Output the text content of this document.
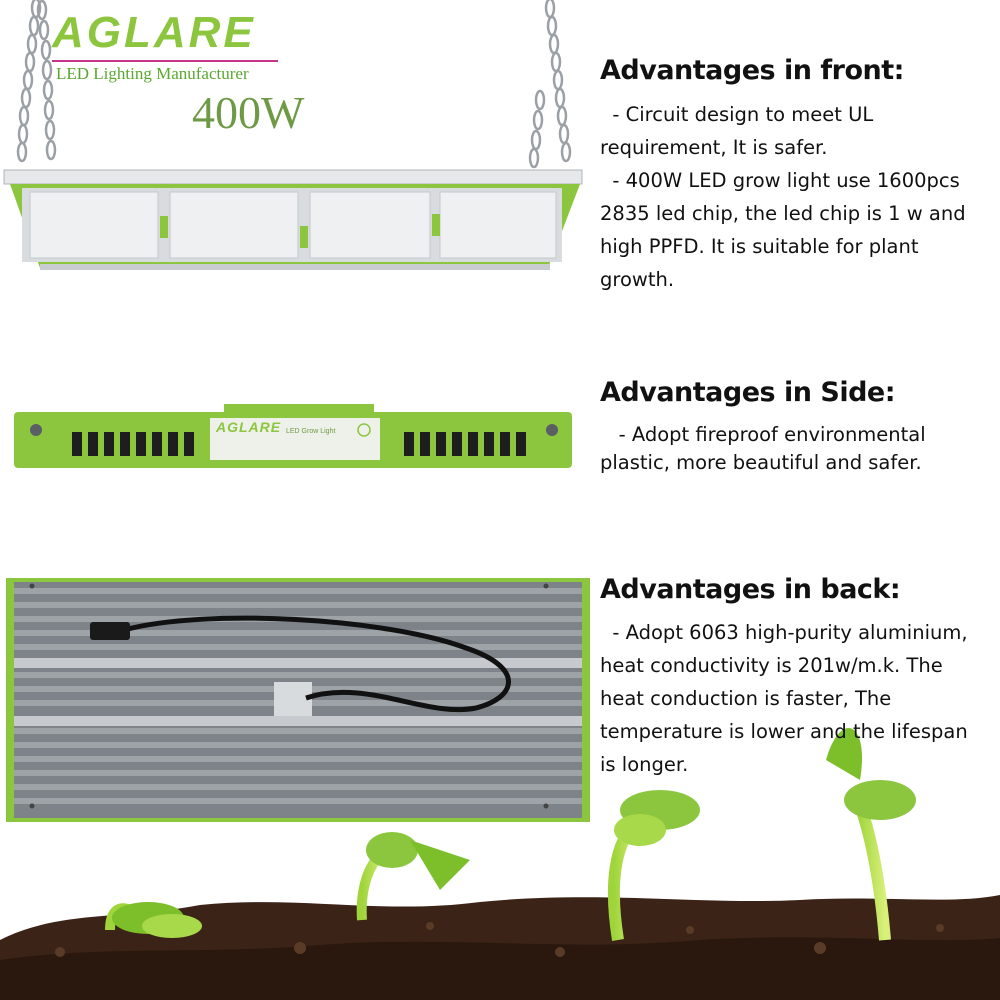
AGLARE
LED Lighting Manufacturer
400W
AGLARE LED Grow Light
Advantages in front:

- Circuit design to meet UL

requirement, It is safer.

- 400W LED grow light use 1600pcs

2835 led chip, the led chip is 1 w and

high PPFD. It is suitable for plant

growth.

Advantages in Side:

- Adopt fireproof environmental

plastic, more beautiful and safer.

Advantages in back:

- Adopt 6063 high-purity aluminium,

heat conductivity is 201w/m.k. The

heat conduction is faster, The

temperature is lower and the lifespan

is longer.
